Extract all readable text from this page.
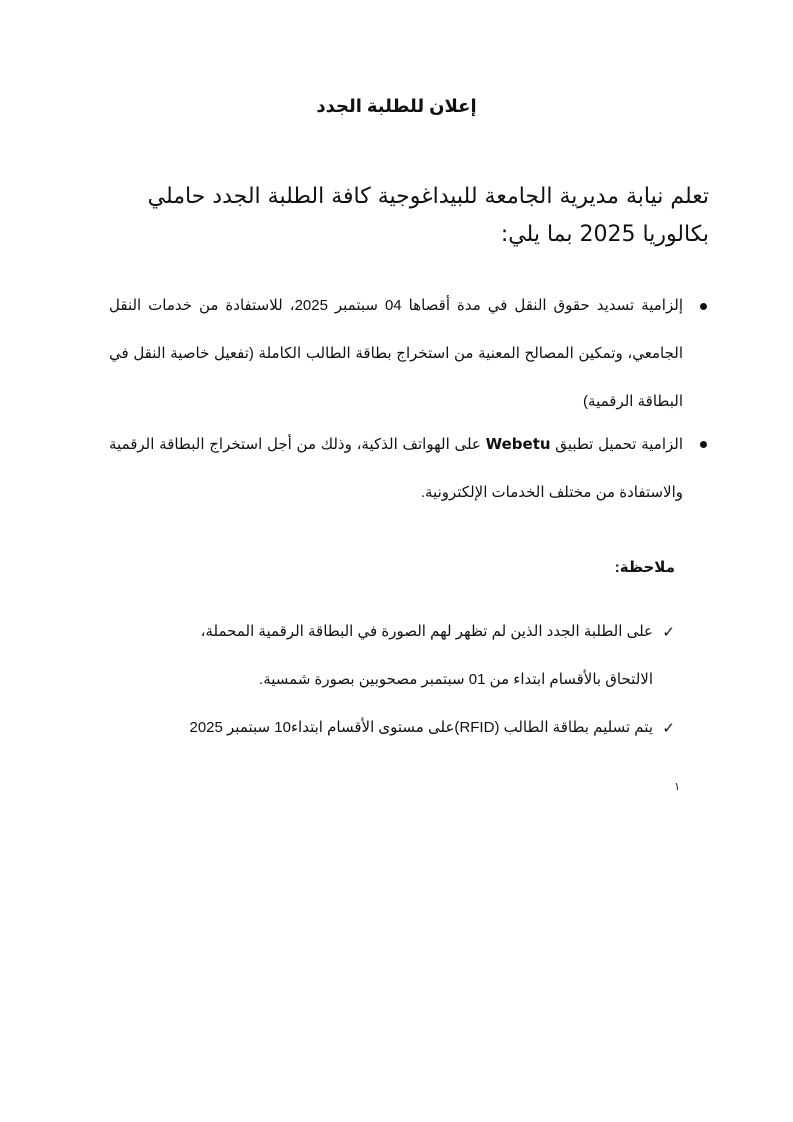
إعلان للطلبة الجدد

تعلم نيابة مديرية الجامعة للبيداغوجية كافة الطلبة الجدد حاملي بكالوريا 2025 بما يلي:

إلزامية تسديد حقوق النقل في مدة أقصاها 04 سبتمبر 2025، للاستفادة من خدمات النقل الجامعي، وتمكين المصالح المعنية من استخراج بطاقة الطالب الكاملة (تفعيل خاصية النقل في البطاقة الرقمية)
الزامية تحميل تطبيق Webetu على الهواتف الذكية، وذلك من أجل استخراج البطاقة الرقمية والاستفادة من مختلف الخدمات الإلكترونية.
ملاحظة:
✓
على الطلبة الجدد الذين لم تظهر لهم الصورة في البطاقة الرقمية المحملة،
الالتحاق بالأقسام ابتداء من 01 سبتمبر مصحوبين بصورة شمسية.
✓
يتم تسليم بطاقة الطالب (RFID)على مستوى الأقسام ابتداء10 سبتمبر 2025
١
